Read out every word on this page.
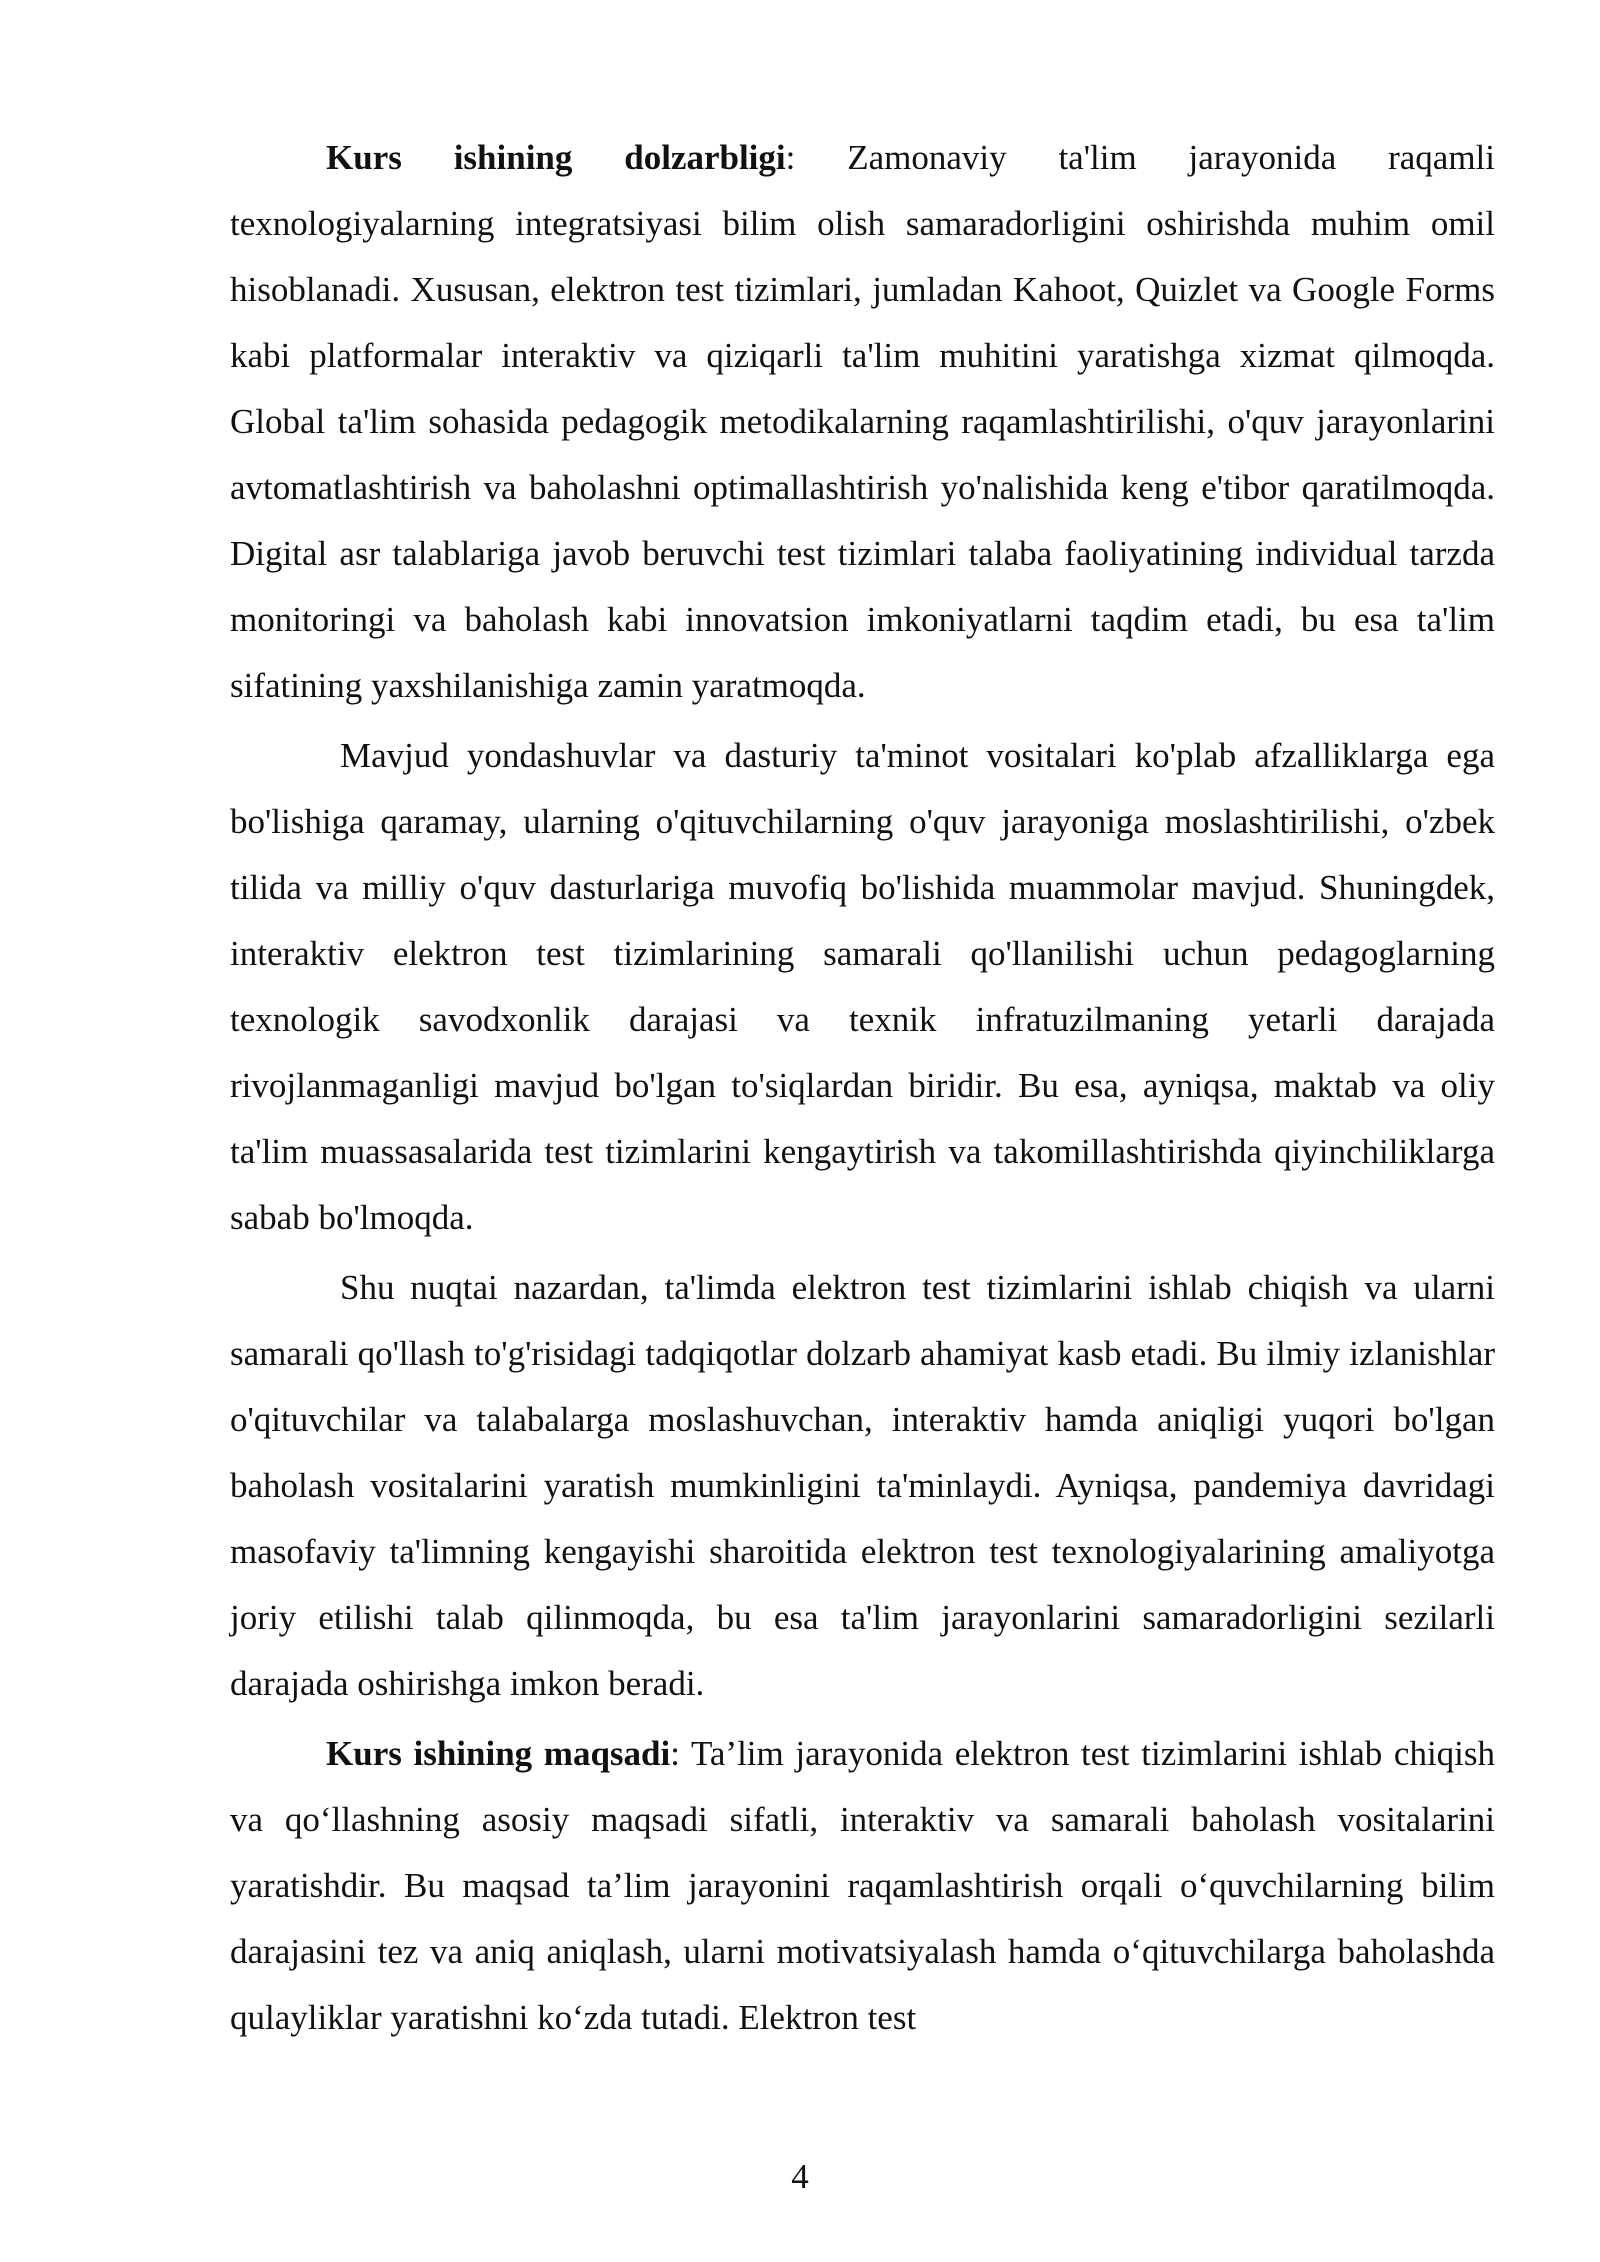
Kurs ishining dolzarbligi: Zamonaviy ta'lim jarayonida raqamli texnologiyalarning integratsiyasi bilim olish samaradorligini oshirishda muhim omil hisoblanadi. Xususan, elektron test tizimlari, jumladan Kahoot, Quizlet va Google Forms kabi platformalar interaktiv va qiziqarli ta'lim muhitini yaratishga xizmat qilmoqda. Global ta'lim sohasida pedagogik metodikalarning raqamlashtirilishi, o'quv jarayonlarini avtomatlashtirish va baholashni optimallashtirish yo'nalishida keng e'tibor qaratilmoqda. Digital asr talablariga javob beruvchi test tizimlari talaba faoliyatining individual tarzda monitoringi va baholash kabi innovatsion imkoniyatlarni taqdim etadi, bu esa ta'lim sifatining yaxshilanishiga zamin yaratmoqda.

Mavjud yondashuvlar va dasturiy ta'minot vositalari ko'plab afzalliklarga ega bo'lishiga qaramay, ularning o'qituvchilarning o'quv jarayoniga moslashtirilishi, o'zbek tilida va milliy o'quv dasturlariga muvofiq bo'lishida muammolar mavjud. Shuningdek, interaktiv elektron test tizimlarining samarali qo'llanilishi uchun pedagoglarning texnologik savodxonlik darajasi va texnik infratuzilmaning yetarli darajada rivojlanmaganligi mavjud bo'lgan to'siqlardan biridir. Bu esa, ayniqsa, maktab va oliy ta'lim muassasalarida test tizimlarini kengaytirish va takomillashtirishda qiyinchiliklarga sabab bo'lmoqda.

Shu nuqtai nazardan, ta'limda elektron test tizimlarini ishlab chiqish va ularni samarali qo'llash to'g'risidagi tadqiqotlar dolzarb ahamiyat kasb etadi. Bu ilmiy izlanishlar o'qituvchilar va talabalarga moslashuvchan, interaktiv hamda aniqligi yuqori bo'lgan baholash vositalarini yaratish mumkinligini ta'minlaydi. Ayniqsa, pandemiya davridagi masofaviy ta'limning kengayishi sharoitida elektron test texnologiyalarining amaliyotga joriy etilishi talab qilinmoqda, bu esa ta'lim jarayonlarini samaradorligini sezilarli darajada oshirishga imkon beradi.

Kurs ishining maqsadi: Ta’lim jarayonida elektron test tizimlarini ishlab chiqish va qoʻllashning asosiy maqsadi sifatli, interaktiv va samarali baholash vositalarini yaratishdir. Bu maqsad ta’lim jarayonini raqamlashtirish orqali oʻquvchilarning bilim darajasini tez va aniq aniqlash, ularni motivatsiyalash hamda oʻqituvchilarga baholashda qulayliklar yaratishni koʻzda tutadi. Elektron test

4
